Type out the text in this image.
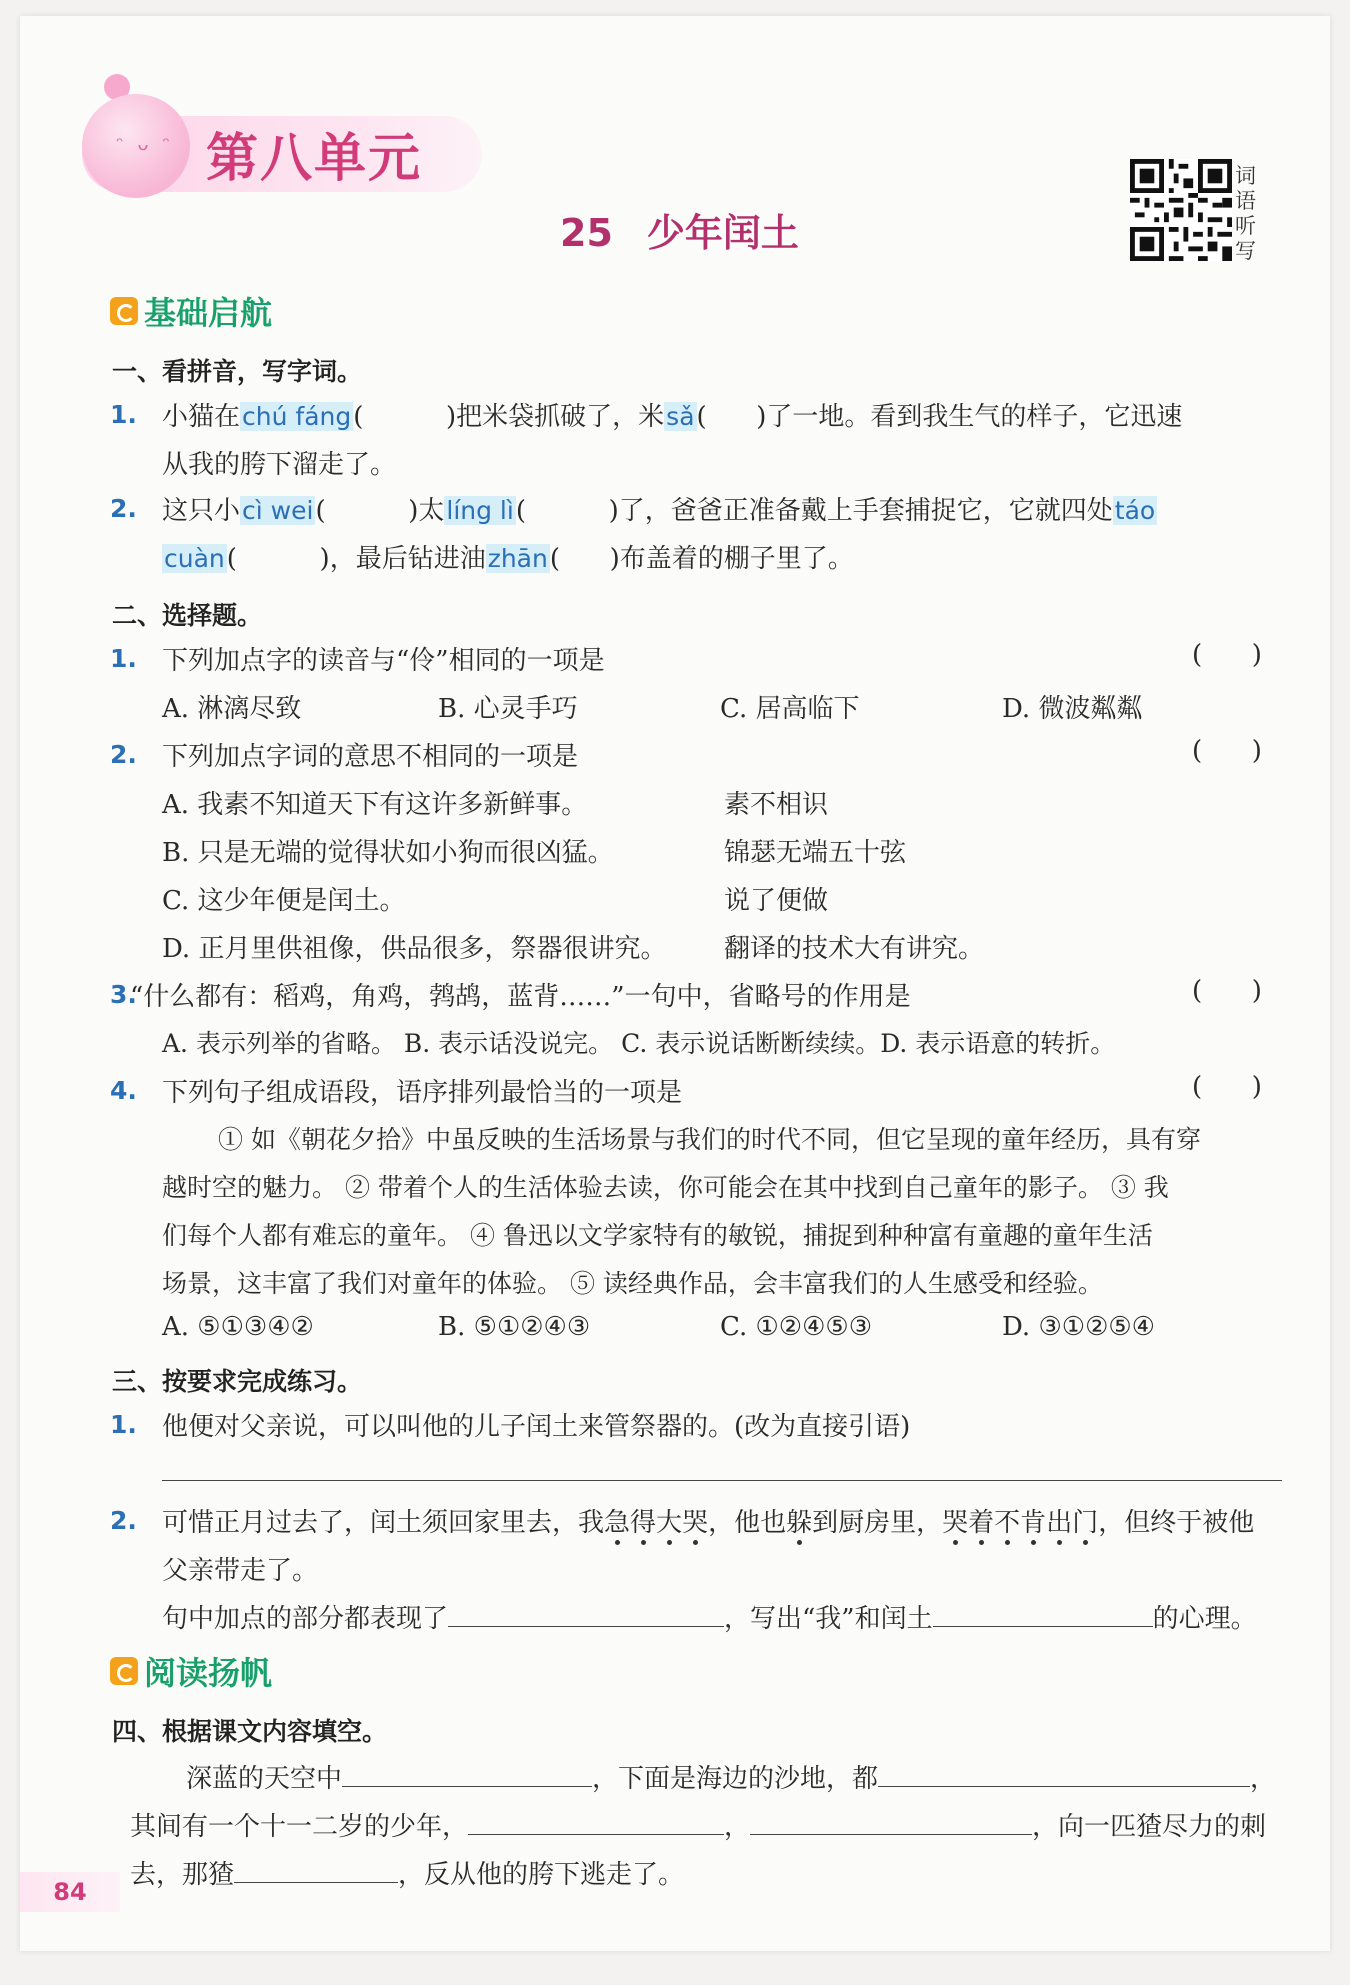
ᵔᴗᵔ 第八单元
25 少年闰土
词语听写
基础启航
一、看拼音，写字词。
1. 小猫在chú fáng(          )把米袋抓破了，米sǎ(      )了一地。看到我生气的样子，它迅速
从我的胯下溜走了。
2. 这只小cì wei(          )太líng lì(          )了，爸爸正准备戴上手套捕捉它，它就四处táo
cuàn(          )，最后钻进油zhān(      )布盖着的棚子里了。
二、选择题。
1. 下列加点字的读音与“伶”相同的一项是	(      )
A. 淋漓尽致	B. 心灵手巧	C. 居高临下	D. 微波粼粼
2. 下列加点字词的意思不相同的一项是	(      )
A. 我素不知道天下有这许多新鲜事。	素不相识
B. 只是无端的觉得状如小狗而很凶猛。	锦瑟无端五十弦
C. 这少年便是闰土。	说了便做
D. 正月里供祖像，供品很多，祭器很讲究。 翻译的技术大有讲究。
3.
“什么都有：稻鸡，角鸡，鹁鸪，蓝背……”一句中，省略号的作用是	(      )
A. 表示列举的省略。 B. 表示话没说完。 C. 表示说话断断续续。D. 表示语意的转折。
4. 下列句子组成语段，语序排列最恰当的一项是	(      )
① 如《朝花夕拾》中虽反映的生活场景与我们的时代不同，但它呈现的童年经历，具有穿
越时空的魅力。 ② 带着个人的生活体验去读，你可能会在其中找到自己童年的影子。 ③ 我
们每个人都有难忘的童年。 ④ 鲁迅以文学家特有的敏锐，捕捉到种种富有童趣的童年生活
场景，这丰富了我们对童年的体验。 ⑤ 读经典作品，会丰富我们的人生感受和经验。
A. ⑤①③④②	B. ⑤①②④③	C. ①②④⑤③	D. ③①②⑤④
三、按要求完成练习。
1. 他便对父亲说，可以叫他的儿子闰土来管祭器的。(改为直接引语)
2. 可惜正月过去了，闰土须回家里去，我急得大哭，他也躲到厨房里，哭着不肯出门，但终于被他
父亲带走了。
句中加点的部分都表现了	，写出“我”和闰土	的心理。
阅读扬帆
四、根据课文内容填空。
深蓝的天空中	，下面是海边的沙地，都	，
其间有一个十一二岁的少年，	，	，向一匹猹尽力的刺
去，那猹	，反从他的胯下逃走了。
84
